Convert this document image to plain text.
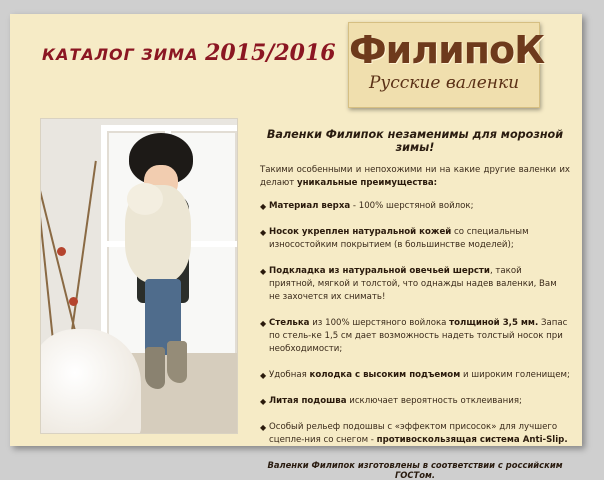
КАТАЛОГ ЗИМА 2015/2016 ФилипоК
Русские валенки

Валенки Филипок незаменимы для морозной зимы!

Такими особенными и непохожими ни на какие другие валенки их делают уникальные преимущества:

◆ Материал верха - 100% шерстяной войлок;
◆ Носок укреплен натуральной кожей со специальным износостойким покрытием (в большинстве моделей);
◆ Подкладка из натуральной овечьей шерсти, такой приятной, мягкой и толстой, что однажды надев валенки, Вам не захочется их снимать!
◆ Стелька из 100% шерстяного войлока толщиной 3,5 мм. Запас по стель-ке 1,5 см дает возможность надеть толстый носок при необходимости;
◆ Удобная колодка с высоким подъемом и широким голенищем;
◆ Литая подошва исключает вероятность отклеивания;
◆ Особый рельеф подошвы с «эффектом присосок» для лучшего сцепле-ния со снегом - противоскользящая система Anti-Slip.
Валенки Филипок изготовлены в соответствии с российским ГОСТом.
